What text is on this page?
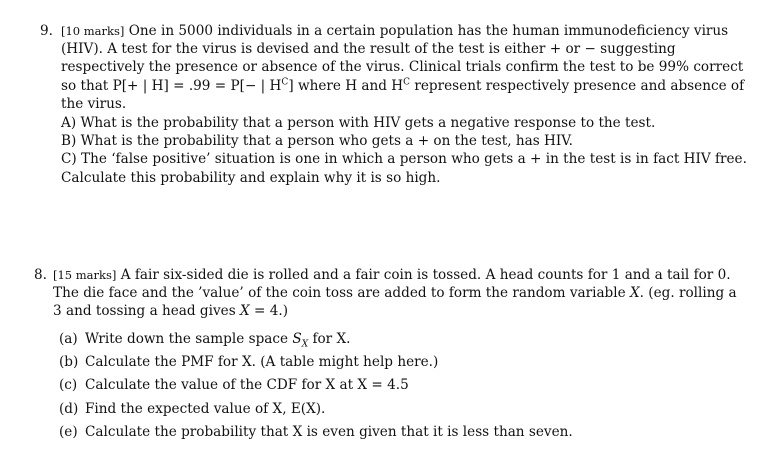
9. [10 marks] One in 5000 individuals in a certain population has the human immunodeficiency virus (HIV). A test for the virus is devised and the result of the test is either + or − suggesting respectively the presence or absence of the virus. Clinical trials confirm the test to be 99% correct so that P[+ | H] = .99 = P[− | $H^C$] where H and $H^C$ represent respectively presence and absence of the virus.
A) What is the probability that a person with HIV gets a negative response to the test.
B) What is the probability that a person who gets a + on the test, has HIV.
C) The ‘false positive’ situation is one in which a person who gets a + in the test is in fact HIV free. Calculate this probability and explain why it is so high.
8. [15 marks] A fair six-sided die is rolled and a fair coin is tossed. A head counts for 1 and a tail for 0. The die face and the ’value’ of the coin toss are added to form the random variable X. (eg. rolling a 3 and tossing a head gives X = 4.)
(a) Write down the sample space $S_X$ for X.
(b) Calculate the PMF for X. (A table might help here.)
(c) Calculate the value of the CDF for X at X = 4.5
(d) Find the expected value of X, E(X).
(e) Calculate the probability that X is even given that it is less than seven.
